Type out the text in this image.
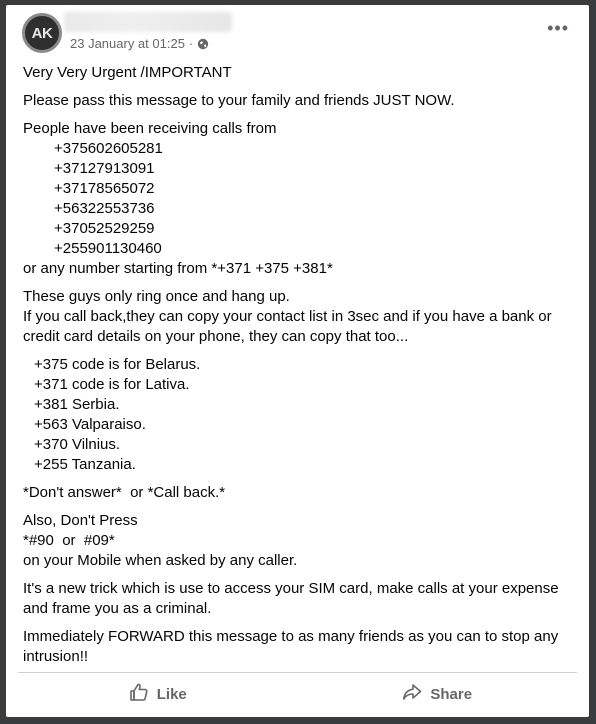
AK
23 January at 01:25 ·
•••
Very Very Urgent /IMPORTANT
Please pass this message to your family and friends JUST NOW.
People have been receiving calls from
+375602605281
+37127913091
+37178565072
+56322553736
+37052529259
+255901130460
or any number starting from *+371 +375 +381*
These guys only ring once and hang up.
If you call back,they can copy your contact list in 3sec and if you have a bank or
credit card details on your phone, they can copy that too...
+375 code is for Belarus.
+371 code is for Lativa.
+381 Serbia.
+563 Valparaiso.
+370 Vilnius.
+255 Tanzania.
*Don't answer*  or *Call back.*
Also, Don't Press
*#90  or  #09*
on your Mobile when asked by any caller.
It's a new trick which is use to access your SIM card, make calls at your expense
and frame you as a criminal.
Immediately FORWARD this message to as many friends as you can to stop any
intrusion!!
Like	Share
